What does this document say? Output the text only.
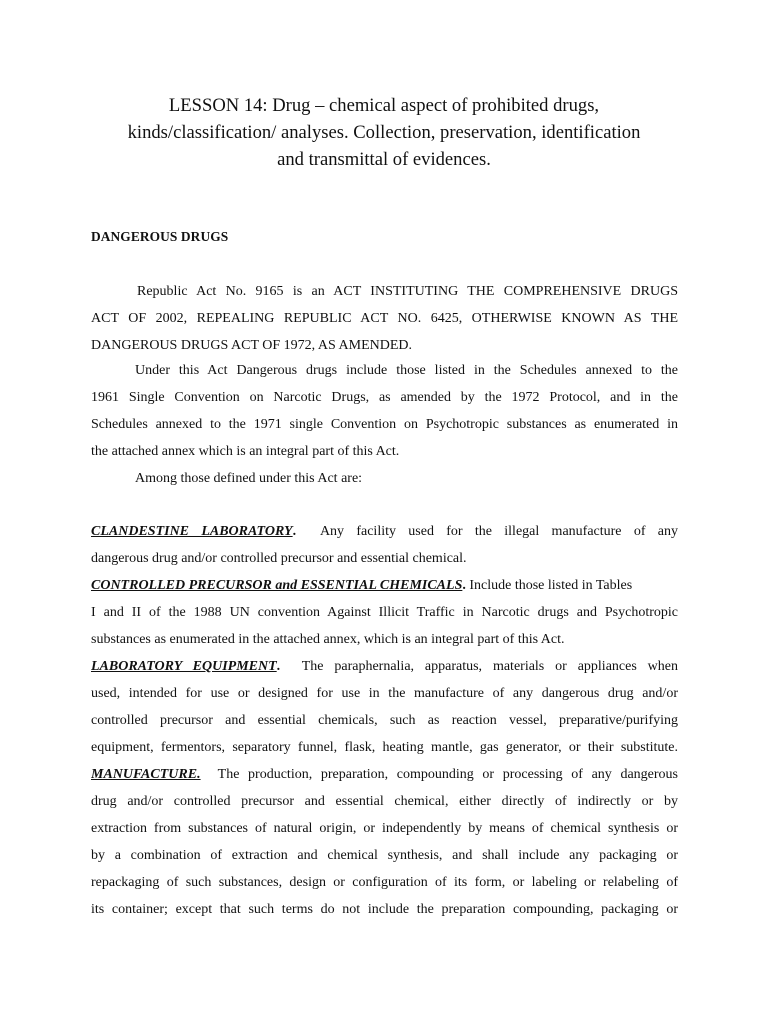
LESSON 14: Drug – chemical aspect of prohibited drugs,
kinds/classification/ analyses. Collection, preservation, identification
and transmittal of evidences.
DANGEROUS DRUGS
Republic Act No. 9165 is an ACT INSTITUTING THE COMPREHENSIVE DRUGS
ACT OF 2002, REPEALING REPUBLIC ACT NO. 6425, OTHERWISE KNOWN AS THE
DANGEROUS DRUGS ACT OF 1972, AS AMENDED.
Under this Act Dangerous drugs include those listed in the Schedules annexed to the
1961 Single Convention on Narcotic Drugs, as amended by the 1972 Protocol, and in the
Schedules annexed to the 1971 single Convention on Psychotropic substances as enumerated in
the attached annex which is an integral part of this Act.
Among those defined under this Act are:
CLANDESTINE LABORATORY. Any facility used for the illegal manufacture of any
dangerous drug and/or controlled precursor and essential chemical.
CONTROLLED PRECURSOR and ESSENTIAL CHEMICALS. Include those listed in Tables
I and II of the 1988 UN convention Against Illicit Traffic in Narcotic drugs and Psychotropic
substances as enumerated in the attached annex, which is an integral part of this Act.
LABORATORY EQUIPMENT. The paraphernalia, apparatus, materials or appliances when
used, intended for use or designed for use in the manufacture of any dangerous drug and/or
controlled precursor and essential chemicals, such as reaction vessel, preparative/purifying
equipment, fermentors, separatory funnel, flask, heating mantle, gas generator, or their substitute.
MANUFACTURE. The production, preparation, compounding or processing of any dangerous
drug and/or controlled precursor and essential chemical, either directly of indirectly or by
extraction from substances of natural origin, or independently by means of chemical synthesis or
by a combination of extraction and chemical synthesis, and shall include any packaging or
repackaging of such substances, design or configuration of its form, or labeling or relabeling of
its container; except that such terms do not include the preparation compounding, packaging or
